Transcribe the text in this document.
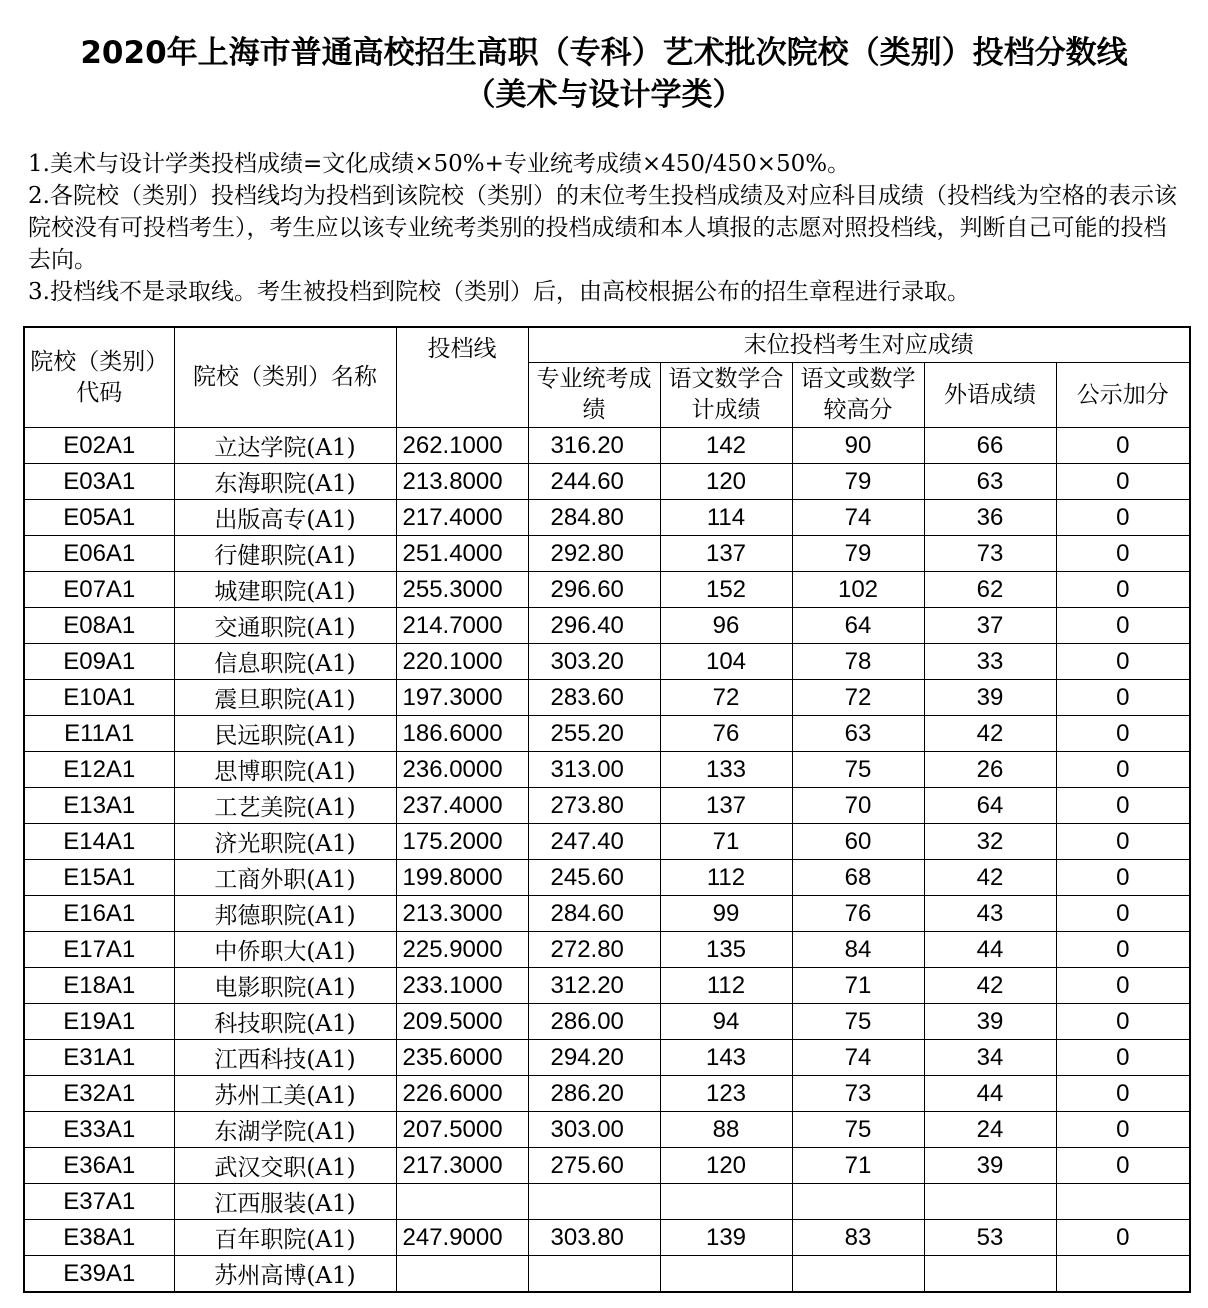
2020年上海市普通高校招生高职（专科）艺术批次院校（类别）投档分数线
（美术与设计学类）
1.美术与设计学类投档成绩=文化成绩×50%+专业统考成绩×450/450×50%。
2.各院校（类别）投档线均为投档到该院校（类别）的末位考生投档成绩及对应科目成绩（投档线为空格的表示该院校没有可投档考生），考生应以该专业统考类别的投档成绩和本人填报的志愿对照投档线，判断自己可能的投档去向。
3.投档线不是录取线。考生被投档到院校（类别）后，由高校根据公布的招生章程进行录取。
院校（类别）代码	院校（类别）名称	投档线	末位投档考生对应成绩				
			专业统考成绩	语文数学合计成绩	语文或数学较高分	外语成绩	公示加分
E02A1	立达学院(A1)	262.1000	316.20	142	90	66	0
E03A1	东海职院(A1)	213.8000	244.60	120	79	63	0
E05A1	出版高专(A1)	217.4000	284.80	114	74	36	0
E06A1	行健职院(A1)	251.4000	292.80	137	79	73	0
E07A1	城建职院(A1)	255.3000	296.60	152	102	62	0
E08A1	交通职院(A1)	214.7000	296.40	96	64	37	0
E09A1	信息职院(A1)	220.1000	303.20	104	78	33	0
E10A1	震旦职院(A1)	197.3000	283.60	72	72	39	0
E11A1	民远职院(A1)	186.6000	255.20	76	63	42	0
E12A1	思博职院(A1)	236.0000	313.00	133	75	26	0
E13A1	工艺美院(A1)	237.4000	273.80	137	70	64	0
E14A1	济光职院(A1)	175.2000	247.40	71	60	32	0
E15A1	工商外职(A1)	199.8000	245.60	112	68	42	0
E16A1	邦德职院(A1)	213.3000	284.60	99	76	43	0
E17A1	中侨职大(A1)	225.9000	272.80	135	84	44	0
E18A1	电影职院(A1)	233.1000	312.20	112	71	42	0
E19A1	科技职院(A1)	209.5000	286.00	94	75	39	0
E31A1	江西科技(A1)	235.6000	294.20	143	74	34	0
E32A1	苏州工美(A1)	226.6000	286.20	123	73	44	0
E33A1	东湖学院(A1)	207.5000	303.00	88	75	24	0
E36A1	武汉交职(A1)	217.3000	275.60	120	71	39	0
E37A1	江西服装(A1)						
E38A1	百年职院(A1)	247.9000	303.80	139	83	53	0
E39A1	苏州高博(A1)						
